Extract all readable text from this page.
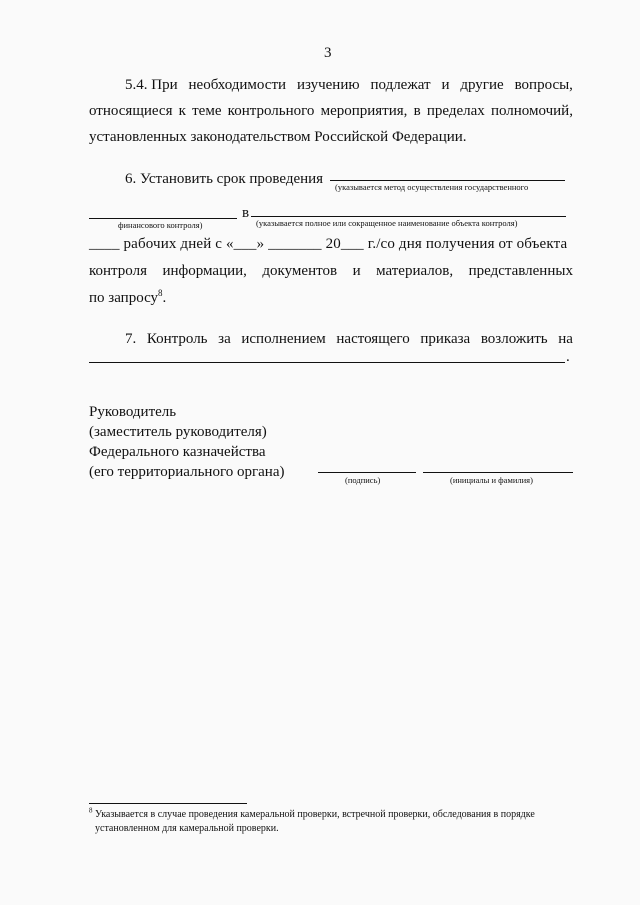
3
5.4. При необходимости изучению подлежат и другие вопросы,
относящиеся к теме контрольного мероприятия, в пределах полномочий,
установленных законодательством Российской Федерации.
6. Установить срок проведения (указывается метод осуществления государственного
в
финансового контроля)	(указывается полное или сокращенное наименование объекта контроля)
____ рабочих дней с «___» _______ 20___ г./со дня получения от объекта
контроля информации, документов и материалов, представленных
по запросу$^8$.
7. Контроль за исполнением настоящего приказа возложить на
.
Руководитель
(заместитель руководителя)
Федерального казначейства
(его территориального органа)	(подпись)	(инициалы и фамилия)
$^8$ Указывается в случае проведения камеральной проверки, встречной проверки, обследования в порядке
установленном для камеральной проверки.
